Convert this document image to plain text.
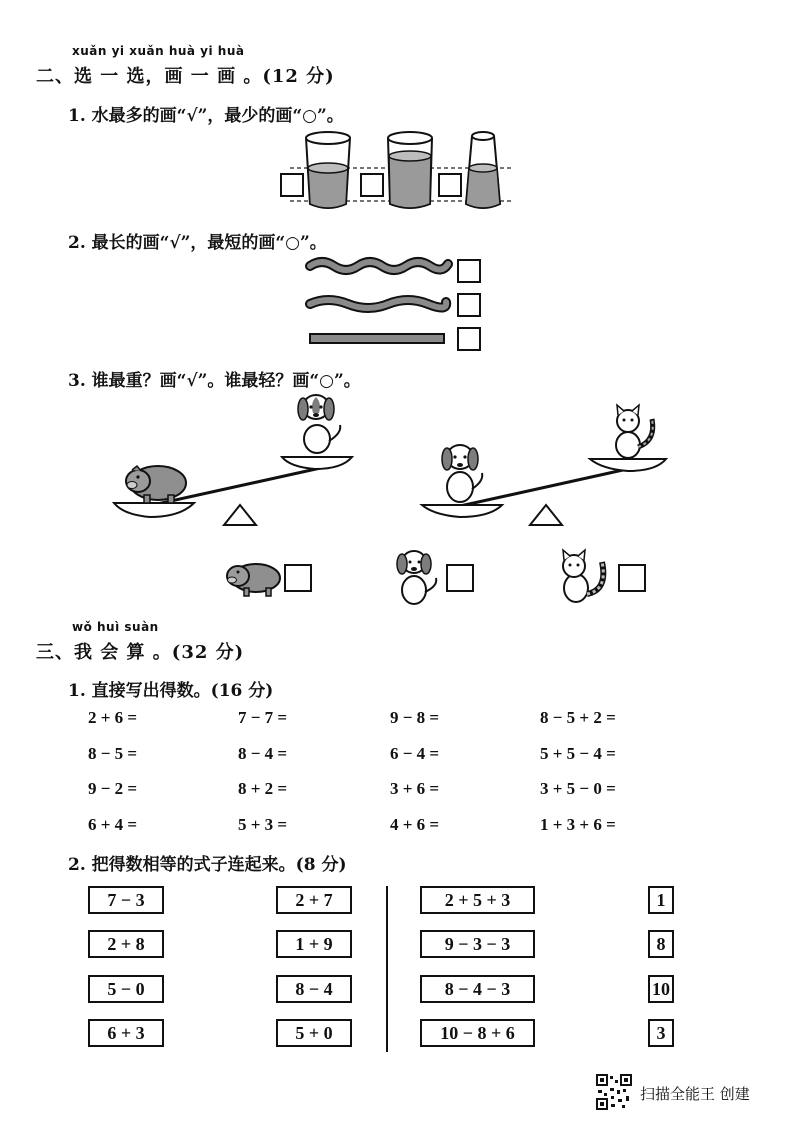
xuǎn yi xuǎn huà yi huà
二、选 一 选，画 一 画 。(12 分)
1. 水最多的画“√”，最少的画“○”。
2. 最长的画“√”，最短的画“○”。
3. 谁最重？画“√”。谁最轻？画“○”。
wǒ huì suàn
三、我 会 算 。(32 分)
1. 直接写出得数。(16 分)
2 + 6 =	7 − 7 =	9 − 8 =	8 − 5 + 2 =
8 − 5 =	8 − 4 =	6 − 4 =	5 + 5 − 4 =
9 − 2 =	8 + 2 =	3 + 6 =	3 + 5 − 0 =
6 + 4 =	5 + 3 =	4 + 6 =	1 + 3 + 6 =
2. 把得数相等的式子连起来。(8 分)
7 − 3
2 + 8
5 − 0
6 + 3
2 + 7
1 + 9
8 − 4
5 + 0
2 + 5 + 3
9 − 3 − 3
8 − 4 − 3
10 − 8 + 6
1
8
10
3
扫描全能王 创建
